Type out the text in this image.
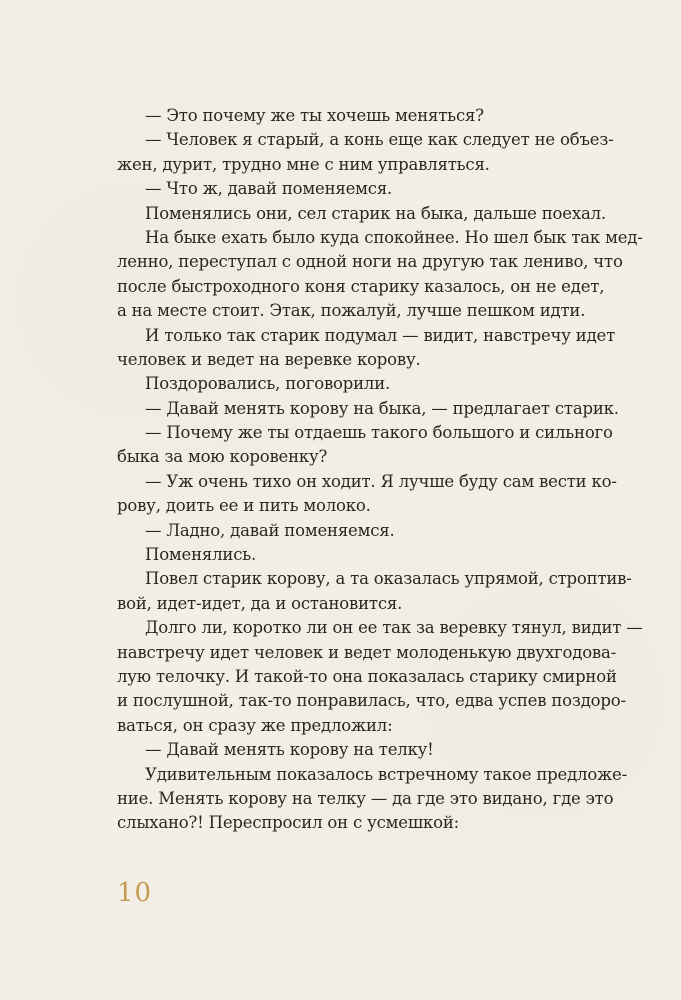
— Это почему же ты хочешь меняться?
— Человек я старый, а конь еще как следует не объез-
жен, дурит, трудно мне с ним управляться.
— Что ж, давай поменяемся.
Поменялись они, сел старик на быка, дальше поехал.
На быке ехать было куда спокойнее. Но шел бык так мед-
ленно, переступал с одной ноги на другую так лениво, что
после быстроходного коня старику казалось, он не едет,
а на месте стоит. Этак, пожалуй, лучше пешком идти.
И только так старик подумал — видит, навстречу идет
человек и ведет на веревке корову.
Поздоровались, поговорили.
— Давай менять корову на быка, — предлагает старик.
— Почему же ты отдаешь такого большого и сильного
быка за мою коровенку?
— Уж очень тихо он ходит. Я лучше буду сам вести ко-
рову, доить ее и пить молоко.
— Ладно, давай поменяемся.
Поменялись.
Повел старик корову, а та оказалась упрямой, строптив-
вой, идет-идет, да и остановится.
Долго ли, коротко ли он ее так за веревку тянул, видит —
навстречу идет человек и ведет молоденькую двухгодова-
лую телочку. И такой-то она показалась старику смирной
и послушной, так-то понравилась, что, едва успев поздоро-
ваться, он сразу же предложил:
— Давай менять корову на телку!
Удивительным показалось встречному такое предложе-
ние. Менять корову на телку — да где это видано, где это
слыхано?! Переспросил он с усмешкой:
10
